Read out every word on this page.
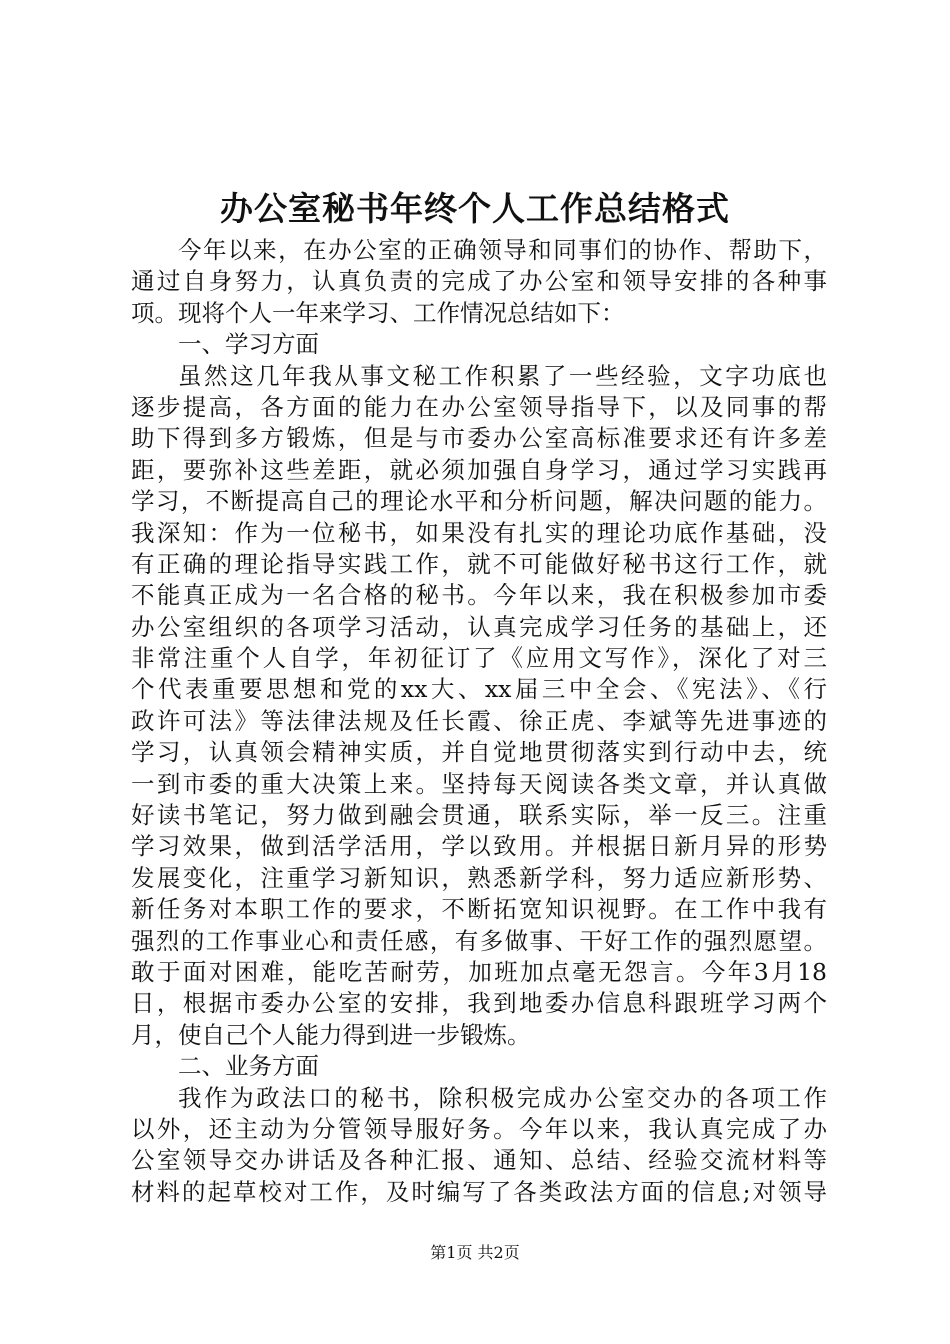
办公室秘书年终个人工作总结格式
今年以来，在办公室的正确领导和同事们的协作、帮助下，
通过自身努力，认真负责的完成了办公室和领导安排的各种事
项。现将个人一年来学习、工作情况总结如下：
一、学习方面
虽然这几年我从事文秘工作积累了一些经验，文字功底也
逐步提高，各方面的能力在办公室领导指导下，以及同事的帮
助下得到多方锻炼，但是与市委办公室高标准要求还有许多差
距，要弥补这些差距，就必须加强自身学习，通过学习实践再
学习，不断提高自己的理论水平和分析问题，解决问题的能力。
我深知：作为一位秘书，如果没有扎实的理论功底作基础，没
有正确的理论指导实践工作，就不可能做好秘书这行工作，就
不能真正成为一名合格的秘书。今年以来，我在积极参加市委
办公室组织的各项学习活动，认真完成学习任务的基础上，还
非常注重个人自学，年初征订了《应用文写作》，深化了对三
个代表重要思想和党的xx大、xx届三中全会、《宪法》、《行
政许可法》等法律法规及任长霞、徐正虎、李斌等先进事迹的
学习，认真领会精神实质，并自觉地贯彻落实到行动中去，统
一到市委的重大决策上来。坚持每天阅读各类文章，并认真做
好读书笔记，努力做到融会贯通，联系实际，举一反三。注重
学习效果，做到活学活用，学以致用。并根据日新月异的形势
发展变化，注重学习新知识，熟悉新学科，努力适应新形势、
新任务对本职工作的要求，不断拓宽知识视野。在工作中我有
强烈的工作事业心和责任感，有多做事、干好工作的强烈愿望。
敢于面对困难，能吃苦耐劳，加班加点毫无怨言。今年3月18
日，根据市委办公室的安排，我到地委办信息科跟班学习两个
月，使自己个人能力得到进一步锻炼。
二、业务方面
我作为政法口的秘书，除积极完成办公室交办的各项工作
以外，还主动为分管领导服好务。今年以来，我认真完成了办
公室领导交办讲话及各种汇报、通知、总结、经验交流材料等
材料的起草校对工作，及时编写了各类政法方面的信息;对领导
第1页 共2页
